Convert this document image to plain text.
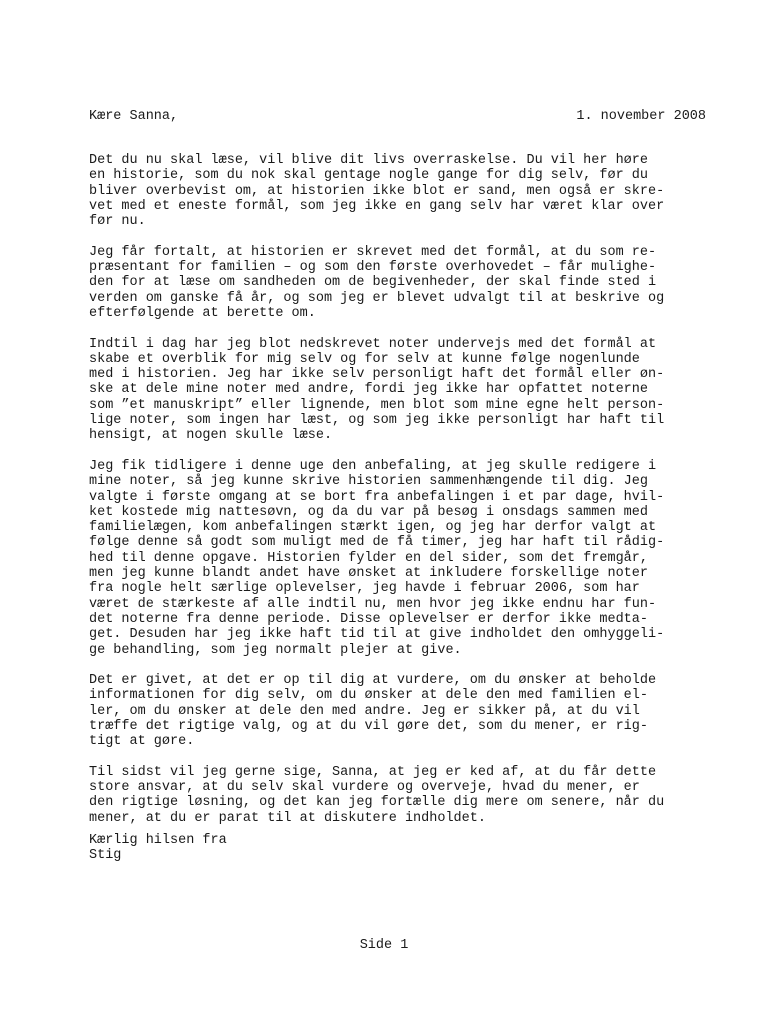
Kære Sanna,	1. november 2008

Det du nu skal læse, vil blive dit livs overraskelse. Du vil her høre
en historie, som du nok skal gentage nogle gange for dig selv, før du
bliver overbevist om, at historien ikke blot er sand, men også er skre-
vet med et eneste formål, som jeg ikke en gang selv har været klar over
før nu.

Jeg får fortalt, at historien er skrevet med det formål, at du som re-
præsentant for familien – og som den første overhovedet – får mulighe-
den for at læse om sandheden om de begivenheder, der skal finde sted i
verden om ganske få år, og som jeg er blevet udvalgt til at beskrive og
efterfølgende at berette om.

Indtil i dag har jeg blot nedskrevet noter undervejs med det formål at
skabe et overblik for mig selv og for selv at kunne følge nogenlunde
med i historien. Jeg har ikke selv personligt haft det formål eller øn-
ske at dele mine noter med andre, fordi jeg ikke har opfattet noterne
som ”et manuskript” eller lignende, men blot som mine egne helt person-
lige noter, som ingen har læst, og som jeg ikke personligt har haft til
hensigt, at nogen skulle læse.

Jeg fik tidligere i denne uge den anbefaling, at jeg skulle redigere i
mine noter, så jeg kunne skrive historien sammenhængende til dig. Jeg
valgte i første omgang at se bort fra anbefalingen i et par dage, hvil-
ket kostede mig nattesøvn, og da du var på besøg i onsdags sammen med
familielægen, kom anbefalingen stærkt igen, og jeg har derfor valgt at
følge denne så godt som muligt med de få timer, jeg har haft til rådig-
hed til denne opgave. Historien fylder en del sider, som det fremgår,
men jeg kunne blandt andet have ønsket at inkludere forskellige noter
fra nogle helt særlige oplevelser, jeg havde i februar 2006, som har
været de stærkeste af alle indtil nu, men hvor jeg ikke endnu har fun-
det noterne fra denne periode. Disse oplevelser er derfor ikke medta-
get. Desuden har jeg ikke haft tid til at give indholdet den omhyggeli-
ge behandling, som jeg normalt plejer at give.

Det er givet, at det er op til dig at vurdere, om du ønsker at beholde
informationen for dig selv, om du ønsker at dele den med familien el-
ler, om du ønsker at dele den med andre. Jeg er sikker på, at du vil
træffe det rigtige valg, og at du vil gøre det, som du mener, er rig-
tigt at gøre.

Til sidst vil jeg gerne sige, Sanna, at jeg er ked af, at du får dette
store ansvar, at du selv skal vurdere og overveje, hvad du mener, er
den rigtige løsning, og det kan jeg fortælle dig mere om senere, når du
mener, at du er parat til at diskutere indholdet.

Kærlig hilsen fra
Stig
Side 1
